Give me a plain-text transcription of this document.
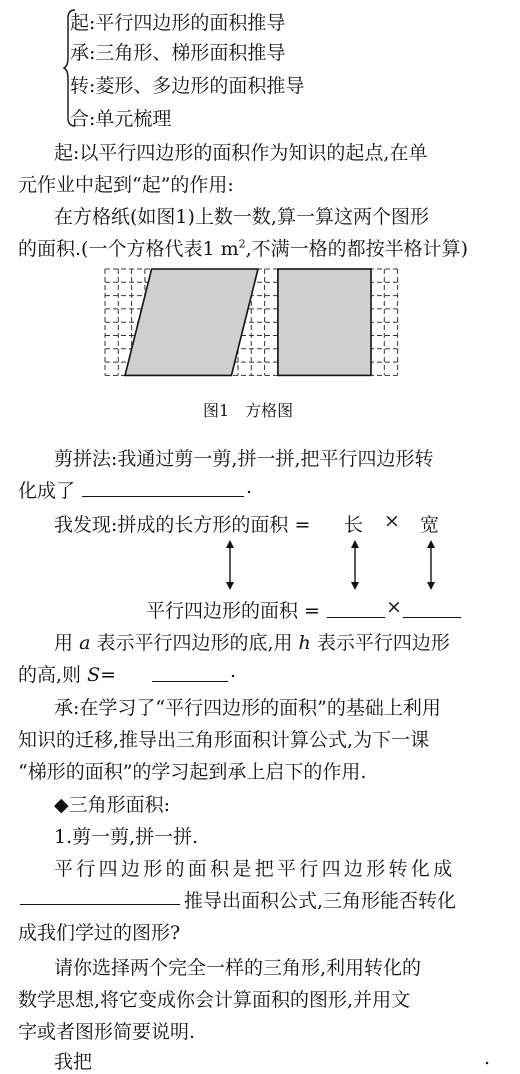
起:平行四边形的面积推导
承:三角形、梯形面积推导
转:菱形、多边形的面积推导
合:单元梳理
起:以平行四边形的面积作为知识的起点,在单
元作业中起到“起”的作用:
在方格纸(如图1)上数一数,算一算这两个图形
的面积.(一个方格代表1 $m^2$,不满一格的都按半格计算)
图1　方格图
剪拼法:我通过剪一剪,拼一拼,把平行四边形转
化成了	.
我发现:拼成的长方形的面积 = 长 × 宽
平行四边形的面积 =	×
用 a 表示平行四边形的底,用 h 表示平行四边形
的高,则 S=	.
承:在学习了“平行四边形的面积”的基础上利用
知识的迁移,推导出三角形面积计算公式,为下一课
“梯形的面积”的学习起到承上启下的作用.
◆三角形面积:
1.剪一剪,拼一拼.
平行四边形的面积是把平行四边形转化成
推导出面积公式,三角形能否转化
成我们学过的图形?
请你选择两个完全一样的三角形,利用转化的
数学思想,将它变成你会计算面积的图形,并用文
字或者图形简要说明.
我把	.
